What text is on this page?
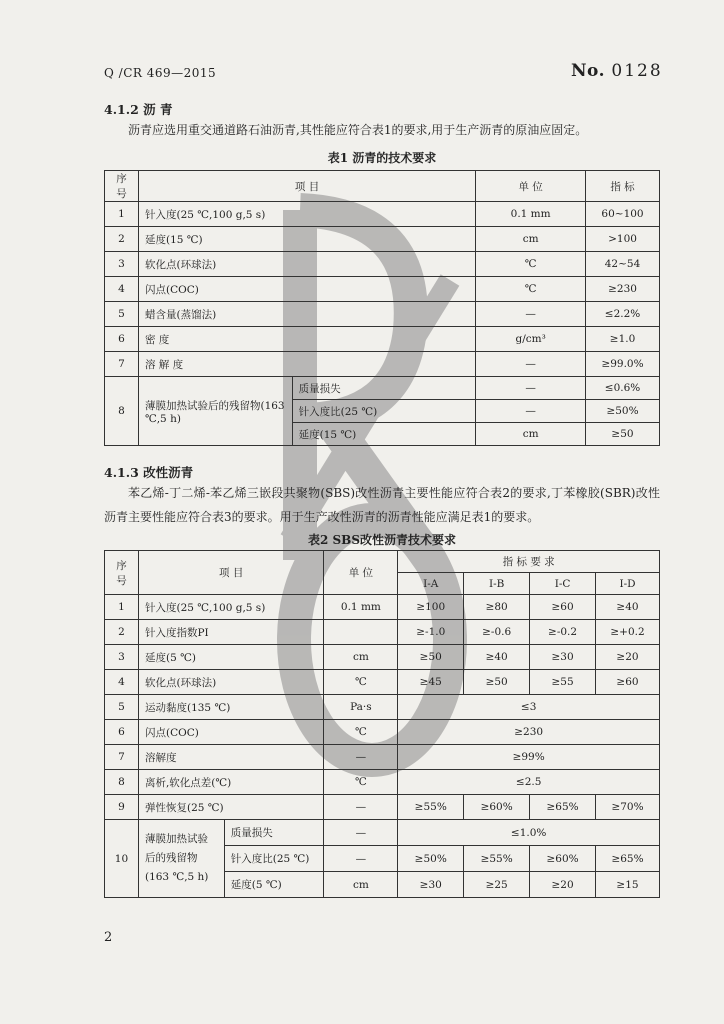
Q /CR 469—2015	No. 0128
4.1.2 沥 青
沥青应选用重交通道路石油沥青,其性能应符合表1的要求,用于生产沥青的原油应固定。
表1 沥青的技术要求
序号	项 目		单 位	指 标
1	针入度(25 ℃,100 g,5 s)		0.1 mm	60~100
2	延度(15 ℃)		cm	>100
3	软化点(环球法)		℃	42~54
4	闪点(COC)		℃	≥230
5	蜡含量(蒸馏法)		—	≤2.2%
6	密 度		g/cm³	≥1.0
7	溶 解 度		—	≥99.0%
8	薄膜加热试验后的残留物(163 ℃,5 h)	质量损失	—	≤0.6%
		针入度比(25 ℃)	—	≥50%
		延度(15 ℃)	cm	≥50
4.1.3 改性沥青
苯乙烯-丁二烯-苯乙烯三嵌段共聚物(SBS)改性沥青主要性能应符合表2的要求,丁苯橡胶(SBR)改性沥青主要性能应符合表3的要求。用于生产改性沥青的沥青性能应满足表1的要求。
表2 SBS改性沥青技术要求
序号	项 目		单 位	指 标 要 求			
				Ⅰ-A	Ⅰ-B	Ⅰ-C	Ⅰ-D
1	针入度(25 ℃,100 g,5 s)		0.1 mm	≥100	≥80	≥60	≥40
2	针入度指数PI			≥-1.0	≥-0.6	≥-0.2	≥+0.2
3	延度(5 ℃)		cm	≥50	≥40	≥30	≥20
4	软化点(环球法)		℃	≥45	≥50	≥55	≥60
5	运动黏度(135 ℃)		Pa·s	≤3			
6	闪点(COC)		℃	≥230			
7	溶解度		—	≥99%			
8	离析,软化点差(℃)		℃	≤2.5			
9	弹性恢复(25 ℃)		—	≥55%	≥60%	≥65%	≥70%
10	薄膜加热试验后的残留物(163 ℃,5 h)	质量损失	—	≤1.0%			
		针入度比(25 ℃)	—	≥50%	≥55%	≥60%	≥65%
		延度(5 ℃)	cm	≥30	≥25	≥20	≥15
2
